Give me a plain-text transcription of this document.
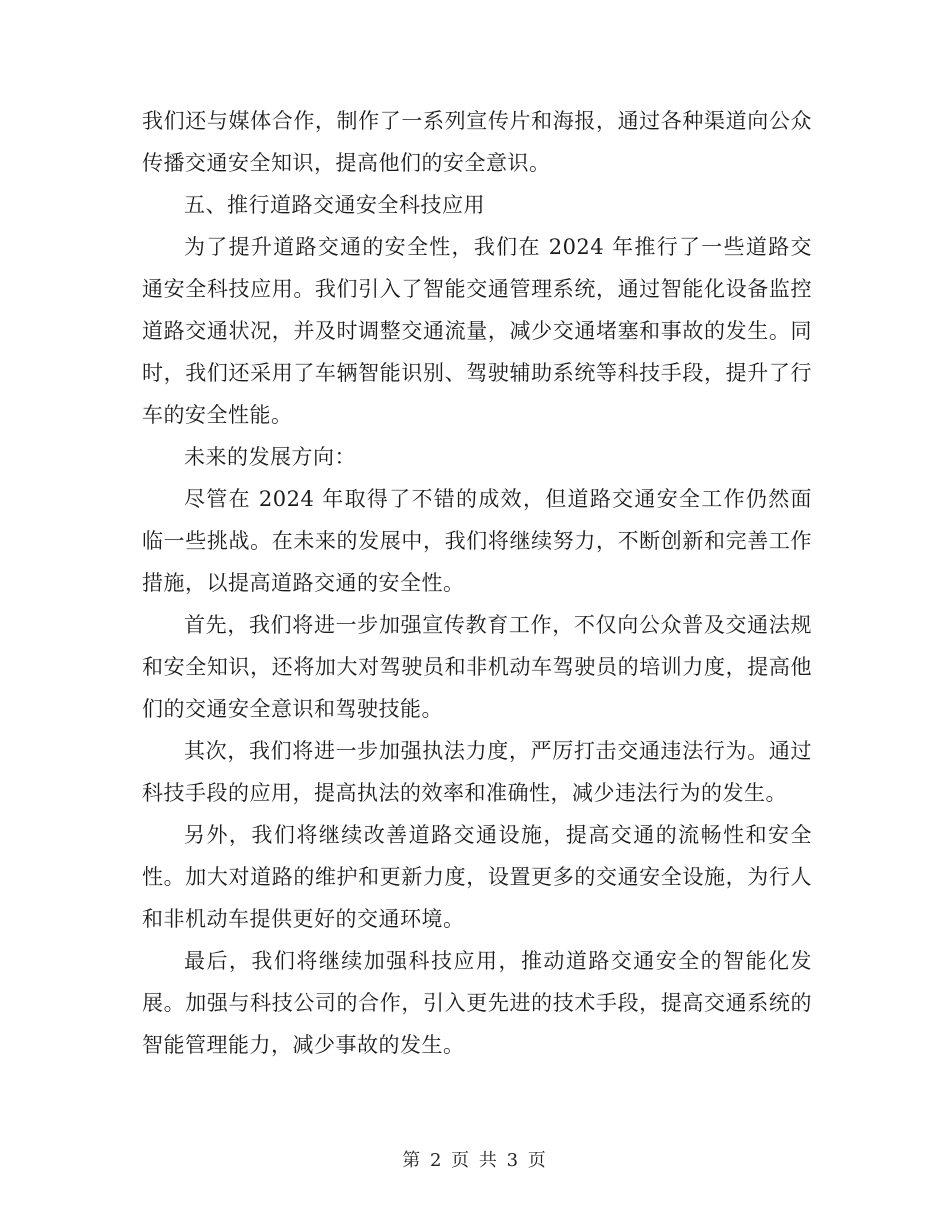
我们还与媒体合作，制作了一系列宣传片和海报，通过各种渠道向公众传播交通安全知识，提高他们的安全意识。

五、推行道路交通安全科技应用

为了提升道路交通的安全性，我们在 2024 年推行了一些道路交通安全科技应用。我们引入了智能交通管理系统，通过智能化设备监控道路交通状况，并及时调整交通流量，减少交通堵塞和事故的发生。同时，我们还采用了车辆智能识别、驾驶辅助系统等科技手段，提升了行车的安全性能。

未来的发展方向：

尽管在 2024 年取得了不错的成效，但道路交通安全工作仍然面临一些挑战。在未来的发展中，我们将继续努力，不断创新和完善工作措施，以提高道路交通的安全性。

首先，我们将进一步加强宣传教育工作，不仅向公众普及交通法规和安全知识，还将加大对驾驶员和非机动车驾驶员的培训力度，提高他们的交通安全意识和驾驶技能。

其次，我们将进一步加强执法力度，严厉打击交通违法行为。通过科技手段的应用，提高执法的效率和准确性，减少违法行为的发生。

另外，我们将继续改善道路交通设施，提高交通的流畅性和安全性。加大对道路的维护和更新力度，设置更多的交通安全设施，为行人和非机动车提供更好的交通环境。

最后，我们将继续加强科技应用，推动道路交通安全的智能化发展。加强与科技公司的合作，引入更先进的技术手段，提高交通系统的智能管理能力，减少事故的发生。

第 2 页 共 3 页
